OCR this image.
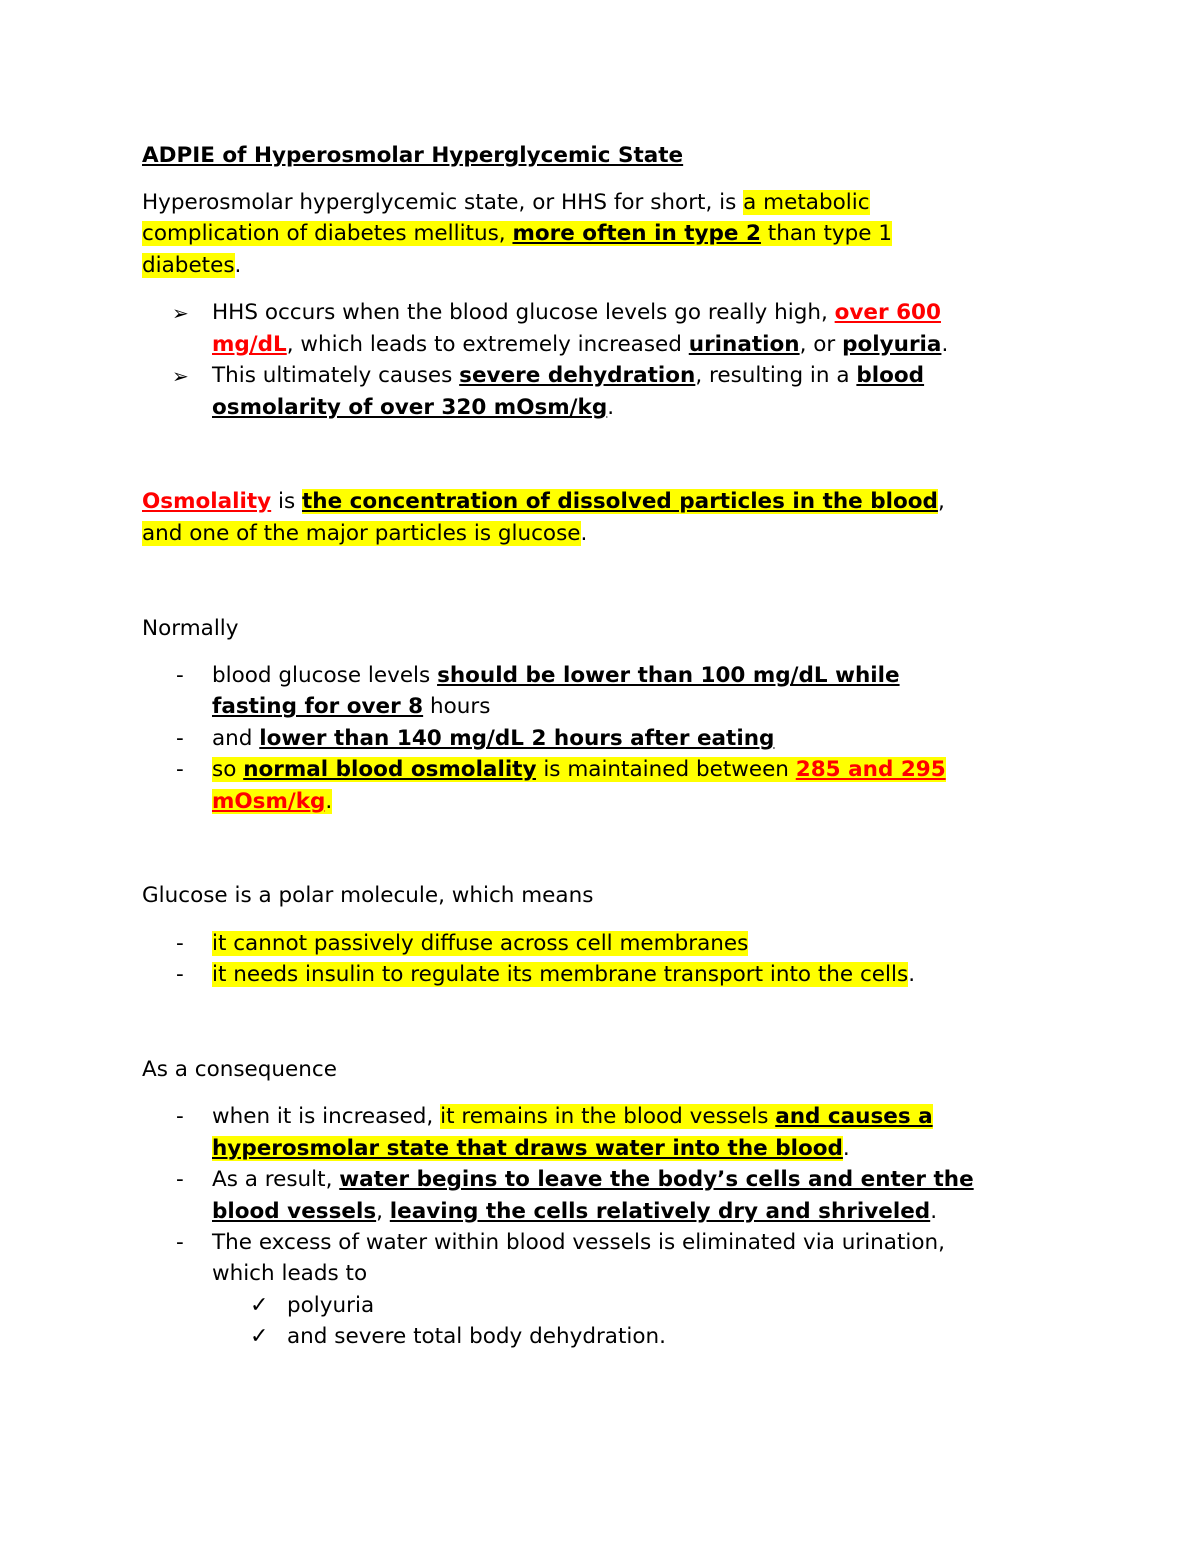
ADPIE of Hyperosmolar Hyperglycemic State
Hyperosmolar hyperglycemic state, or HHS for short, is a metabolic
complication of diabetes mellitus, more often in type 2 than type 1
diabetes.
➢	HHS occurs when the blood glucose levels go really high, over 600
mg/dL, which leads to extremely increased urination, or polyuria.
➢	This ultimately causes severe dehydration, resulting in a blood
osmolarity of over 320 mOsm/kg.
Osmolality is the concentration of dissolved particles in the blood,
and one of the major particles is glucose.
Normally
-	blood glucose levels should be lower than 100 mg/dL while
fasting for over 8 hours
-	and lower than 140 mg/dL 2 hours after eating
-	so normal blood osmolality is maintained between 285 and 295
mOsm/kg.
Glucose is a polar molecule, which means
-	it cannot passively diffuse across cell membranes
-	it needs insulin to regulate its membrane transport into the cells.
As a consequence
-	when it is increased, it remains in the blood vessels and causes a
hyperosmolar state that draws water into the blood.
-	As a result, water begins to leave the body’s cells and enter the
blood vessels, leaving the cells relatively dry and shriveled.
-	The excess of water within blood vessels is eliminated via urination,
which leads to
✓ polyuria
✓ and severe total body dehydration.
